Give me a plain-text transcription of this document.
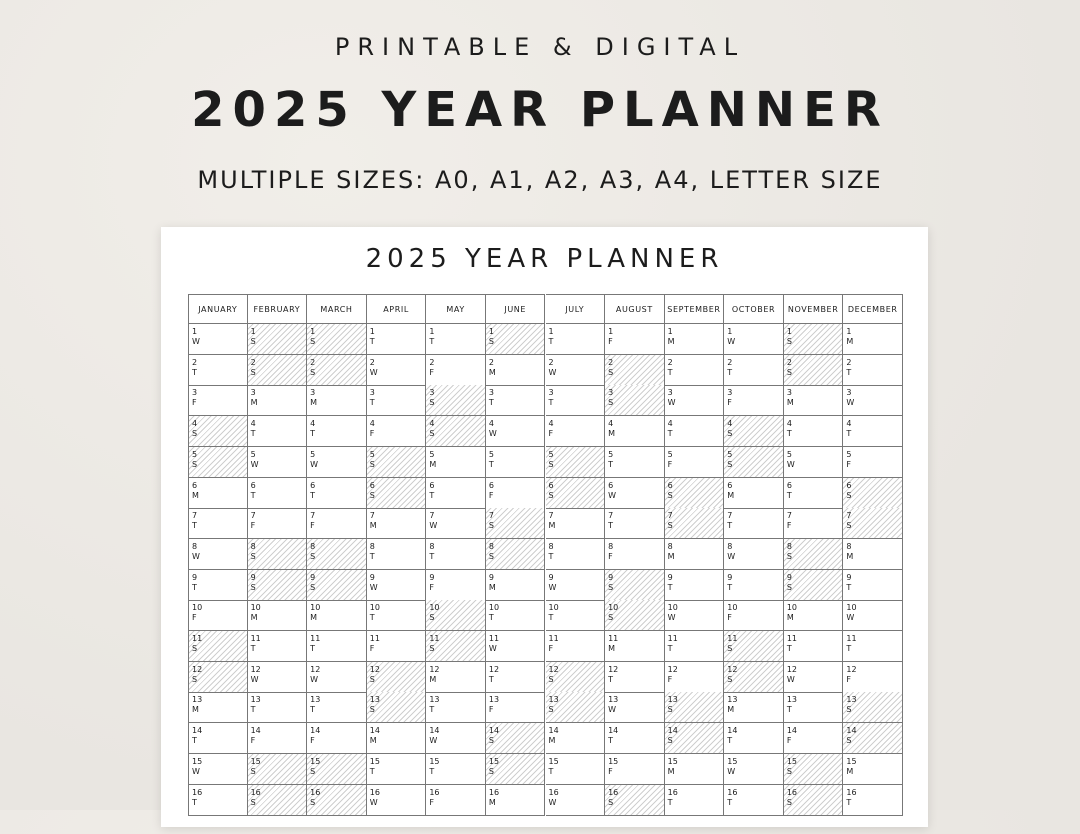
PRINTABLE & DIGITAL
2025 YEAR PLANNER
MULTIPLE SIZES: A0, A1, A2, A3, A4, LETTER SIZE
2025 YEAR PLANNER
JANUARY
1
W
2
T
3
F
4
S
5
S
6
M
7
T
8
W
9
T
10
F
11
S
12
S
13
M
14
T
15
W
16
T
FEBRUARY
1
S
2
S
3
M
4
T
5
W
6
T
7
F
8
S
9
S
10
M
11
T
12
W
13
T
14
F
15
S
16
S
MARCH
1
S
2
S
3
M
4
T
5
W
6
T
7
F
8
S
9
S
10
M
11
T
12
W
13
T
14
F
15
S
16
S
APRIL
1
T
2
W
3
T
4
F
5
S
6
S
7
M
8
T
9
W
10
T
11
F
12
S
13
S
14
M
15
T
16
W
MAY
1
T
2
F
3
S
4
S
5
M
6
T
7
W
8
T
9
F
10
S
11
S
12
M
13
T
14
W
15
T
16
F
JUNE
1
S
2
M
3
T
4
W
5
T
6
F
7
S
8
S
9
M
10
T
11
W
12
T
13
F
14
S
15
S
16
M
JULY
1
T
2
W
3
T
4
F
5
S
6
S
7
M
8
T
9
W
10
T
11
F
12
S
13
S
14
M
15
T
16
W
AUGUST
1
F
2
S
3
S
4
M
5
T
6
W
7
T
8
F
9
S
10
S
11
M
12
T
13
W
14
T
15
F
16
S
SEPTEMBER
1
M
2
T
3
W
4
T
5
F
6
S
7
S
8
M
9
T
10
W
11
T
12
F
13
S
14
S
15
M
16
T
OCTOBER
1
W
2
T
3
F
4
S
5
S
6
M
7
T
8
W
9
T
10
F
11
S
12
S
13
M
14
T
15
W
16
T
NOVEMBER
1
S
2
S
3
M
4
T
5
W
6
T
7
F
8
S
9
S
10
M
11
T
12
W
13
T
14
F
15
S
16
S
DECEMBER
1
M
2
T
3
W
4
T
5
F
6
S
7
S
8
M
9
T
10
W
11
T
12
F
13
S
14
S
15
M
16
T
